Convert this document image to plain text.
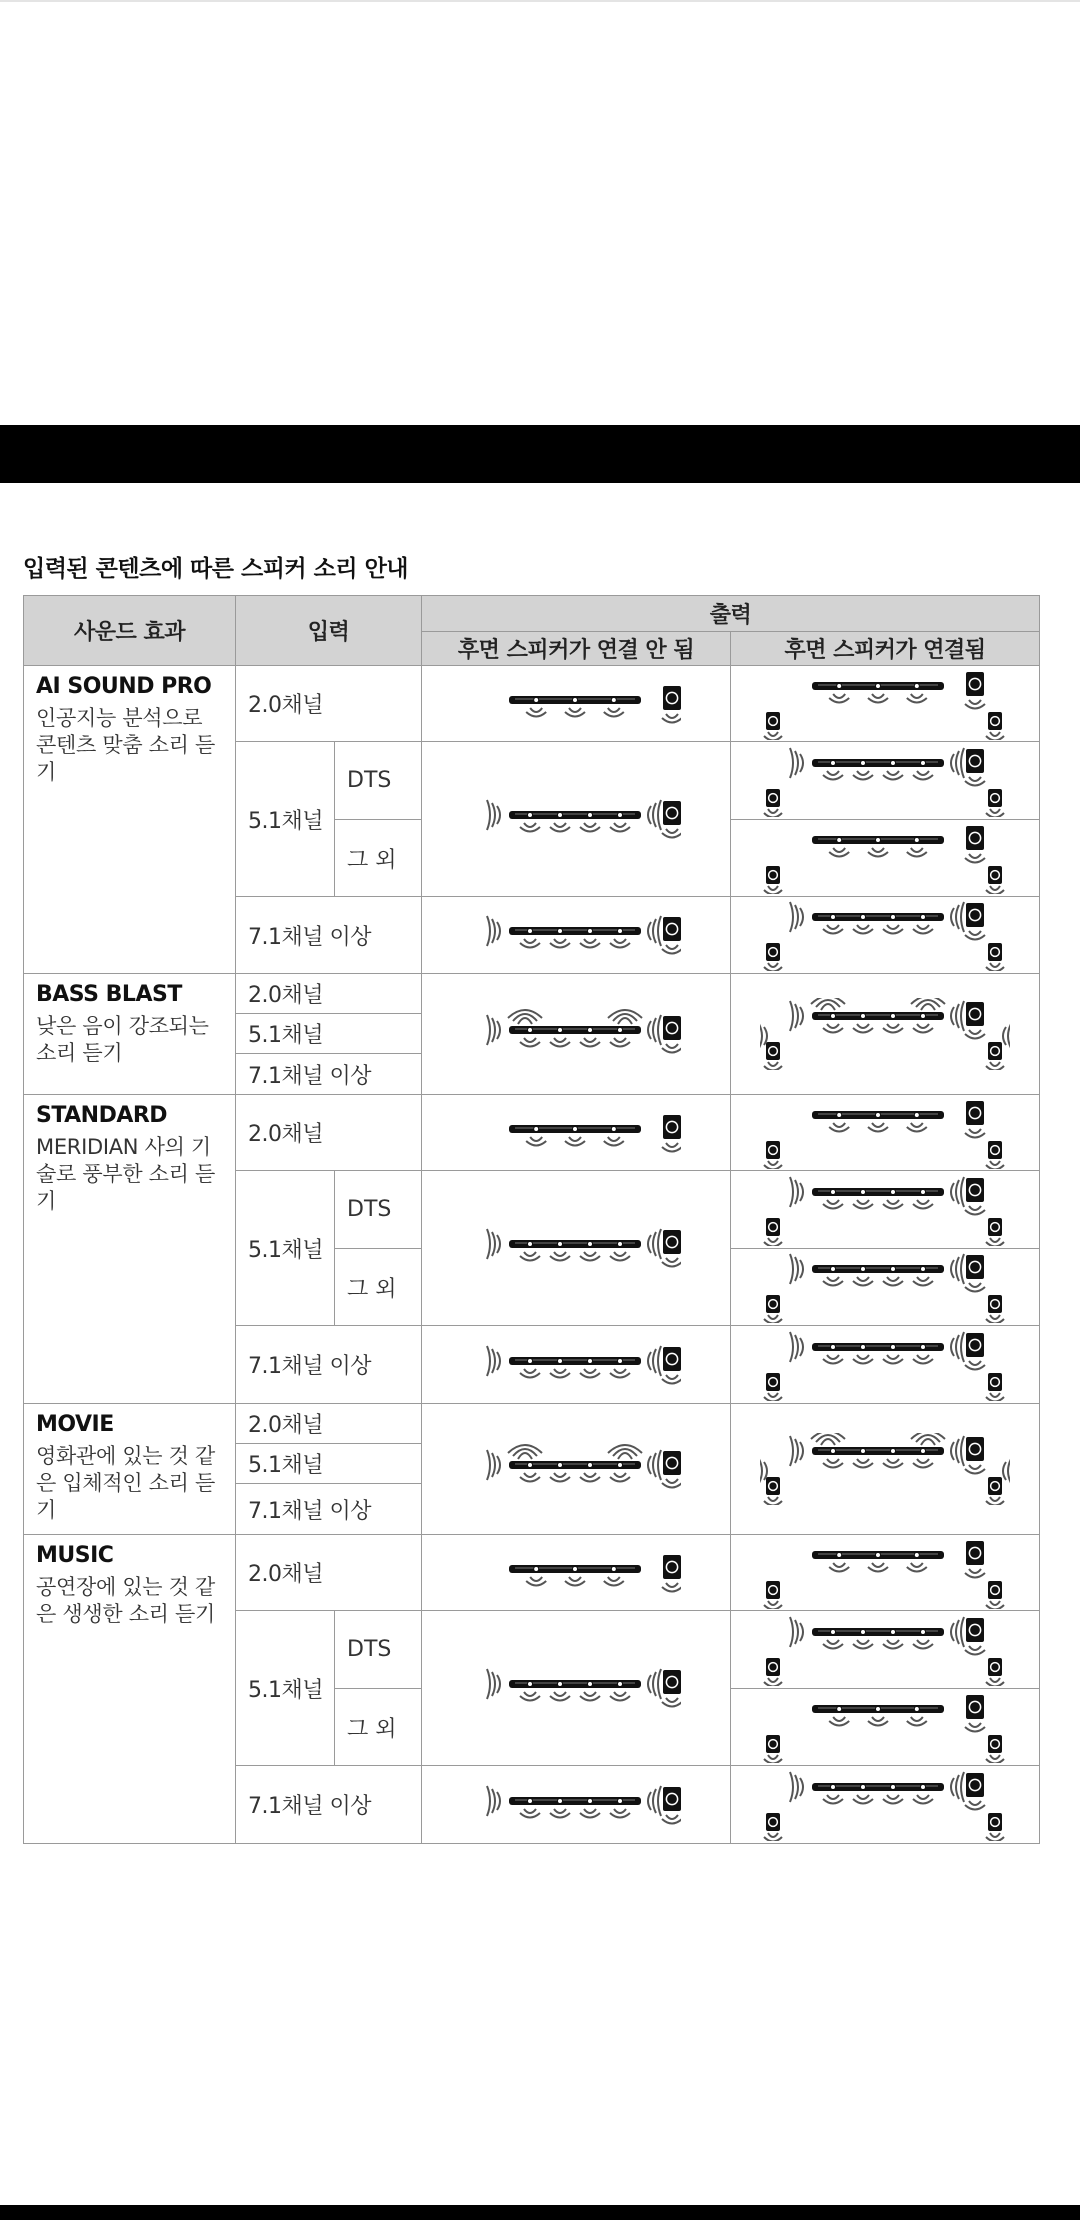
입력된 콘텐츠에 따른 스피커 소리 안내
사운드 효과	입력		출력	
			후면 스피커가 연결 안 됨	후면 스피커가 연결됨

AI SOUND PRO
인공지능 분석으로 콘텐츠 맞춤 소리 듣기	2.0채널		
	5.1채널	DTS		
		그 외	
	7.1채널 이상		

BASS BLAST
낮은 음이 강조되는 소리 듣기	2.0채널		
	5.1채널			
	7.1채널 이상			

STANDARD
MERIDIAN 사의 기술로 풍부한 소리 듣기	2.0채널		
	5.1채널	DTS		
		그 외	
	7.1채널 이상		

MOVIE
영화관에 있는 것 같은 입체적인 소리 듣기	2.0채널		
	5.1채널			
	7.1채널 이상			

MUSIC
공연장에 있는 것 같은 생생한 소리 듣기	2.0채널		
	5.1채널	DTS		
		그 외	
	7.1채널 이상		
